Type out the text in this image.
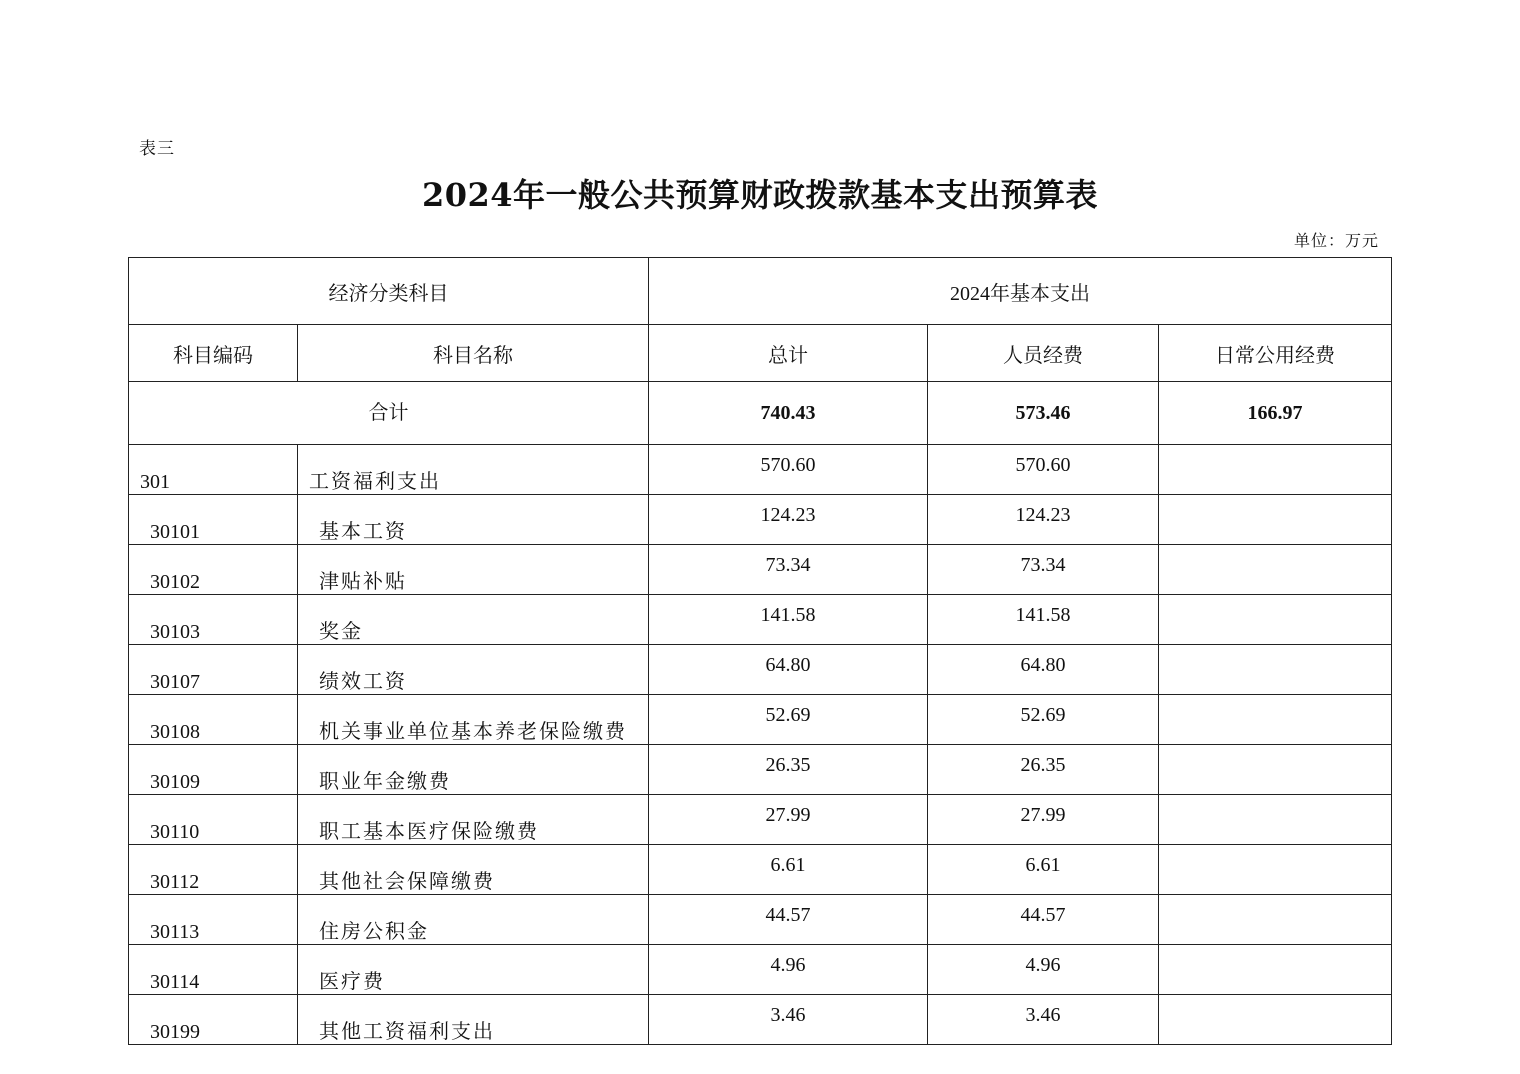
表三
2024年一般公共预算财政拨款基本支出预算表
单位：万元
经济分类科目		2024年基本支出		
科目编码	科目名称	总计	人员经费	日常公用经费
合计		740.43	573.46	166.97
301	工资福利支出	570.60	570.60	
30101	基本工资	124.23	124.23	
30102	津贴补贴	73.34	73.34	
30103	奖金	141.58	141.58	
30107	绩效工资	64.80	64.80	
30108	机关事业单位基本养老保险缴费	52.69	52.69	
30109	职业年金缴费	26.35	26.35	
30110	职工基本医疗保险缴费	27.99	27.99	
30112	其他社会保障缴费	6.61	6.61	
30113	住房公积金	44.57	44.57	
30114	医疗费	4.96	4.96	
30199	其他工资福利支出	3.46	3.46	
